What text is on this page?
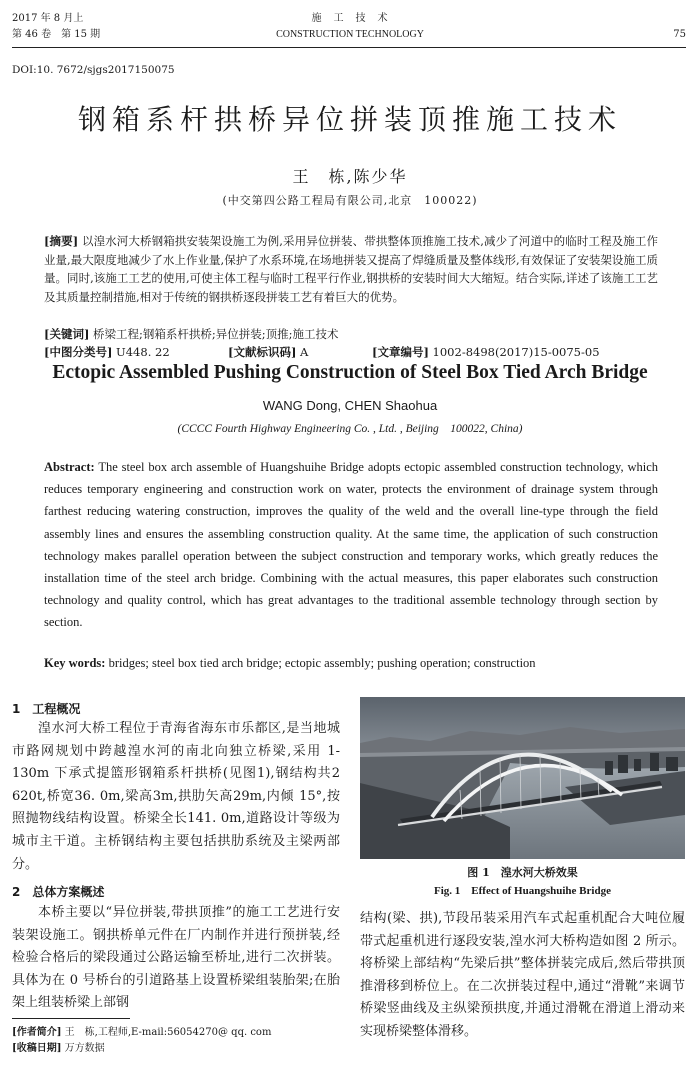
2017 年 8 月上
第 46 卷　第 15 期
施　工　技　术
CONSTRUCTION TECHNOLOGY	75
DOI:10. 7672/sjgs2017150075
钢箱系杆拱桥异位拼装顶推施工技术
王　栋,陈少华
(中交第四公路工程局有限公司,北京　100022)
[摘要] 以湟水河大桥钢箱拱安装架设施工为例,采用异位拼装、带拱整体顶推施工技术,减少了河道中的临时工程及施工作业量,最大限度地减少了水上作业量,保护了水系环境,在场地拼装又提高了焊缝质量及整体线形,有效保证了安装架设施工质量。同时,该施工工艺的使用,可使主体工程与临时工程平行作业,钢拱桥的安装时间大大缩短。结合实际,详述了该施工工艺及其质量控制措施,相对于传统的钢拱桥逐段拼装工艺有着巨大的优势。
[关键词] 桥梁工程;钢箱系杆拱桥;异位拼装;顶推;施工技术
[中图分类号] U448. 22	[文献标识码] A	[文章编号] 1002-8498(2017)15-0075-05
Ectopic Assembled Pushing Construction of Steel Box Tied Arch Bridge
WANG Dong, CHEN Shaohua
(CCCC Fourth Highway Engineering Co. , Ltd. , Beijing　100022, China)
Abstract: The steel box arch assemble of Huangshuihe Bridge adopts ectopic assembled construction technology, which reduces temporary engineering and construction work on water, protects the environment of drainage system through farthest reducing watering construction, improves the quality of the weld and the overall line-type through the field assembly lines and ensures the assembling construction quality. At the same time, the application of such construction technology makes parallel operation between the subject construction and temporary works, which greatly reduces the installation time of the steel arch bridge. Combining with the actual measures, this paper elaborates such construction technology and quality control, which has great advantages to the traditional assemble technology through section by section.
Key words: bridges; steel box tied arch bridge; ectopic assembly; pushing operation; construction
1　工程概况
湟水河大桥工程位于青海省海东市乐都区,是当地城市路网规划中跨越湟水河的南北向独立桥梁,采用 1-130m 下承式提篮形钢箱系杆拱桥(见图1),钢结构共2 620t,桥宽36. 0m,梁高3m,拱肋矢高29m,内倾 15°,按照抛物线结构设置。桥梁全长141. 0m,道路设计等级为城市主干道。主桥钢结构主要包括拱肋系统及主梁两部分。
2　总体方案概述
本桥主要以“异位拼装,带拱顶推”的施工工艺进行安装架设施工。钢拱桥单元件在厂内制作并进行预拼装,经检验合格后的梁段通过公路运输至桥址,进行二次拼装。具体为在 0 号桥台的引道路基上设置桥梁组装胎架;在胎架上组装桥梁上部钢
图 1　湟水河大桥效果
Fig. 1　Effect of Huangshuihe Bridge
结构(梁、拱),节段吊装采用汽车式起重机配合大吨位履带式起重机进行逐段安装,湟水河大桥构造如图 2 所示。将桥梁上部结构“先梁后拱”整体拼装完成后,然后带拱顶推滑移到桥位上。在二次拼装过程中,通过“滑靴”来调节桥梁竖曲线及主纵梁预拱度,并通过滑靴在滑道上滑动来实现桥梁整体滑移。
[作者简介] 王　栋,工程师,E-mail:56054270@ qq. com
[收稿日期] 万方数据
